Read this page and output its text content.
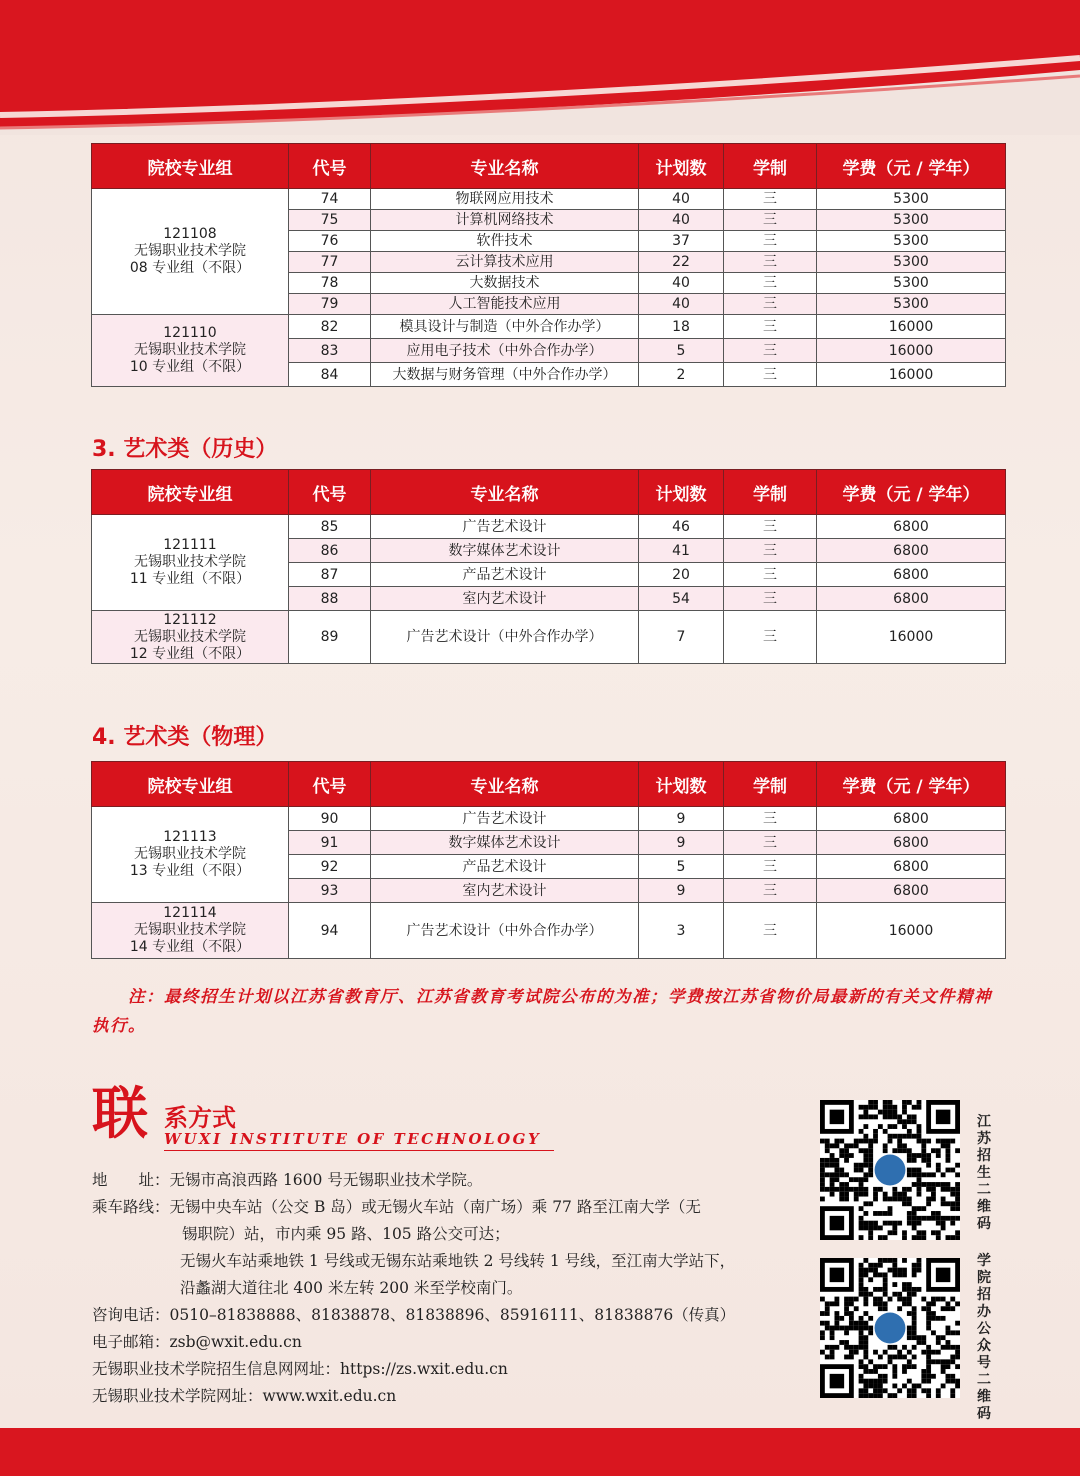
院校专业组	代号	专业名称	计划数	学制	学费（元 / 学年）

121108
无锡职业技术学院
08 专业组（不限）	74	物联网应用技术	40	三	5300
	75	计算机网络技术	40	三	5300
	76	软件技术	37	三	5300
	77	云计算技术应用	22	三	5300
	78	大数据技术	40	三	5300
	79	人工智能技术应用	40	三	5300

121110
无锡职业技术学院
10 专业组（不限）	82	模具设计与制造（中外合作办学）	18	三	16000
	83	应用电子技术（中外合作办学）	5	三	16000
	84	大数据与财务管理（中外合作办学）	2	三	16000
3. 艺术类（历史）
院校专业组	代号	专业名称	计划数	学制	学费（元 / 学年）

121111
无锡职业技术学院
11 专业组（不限）	85	广告艺术设计	46	三	6800
	86	数字媒体艺术设计	41	三	6800
	87	产品艺术设计	20	三	6800
	88	室内艺术设计	54	三	6800

121112
无锡职业技术学院
12 专业组（不限）	89	广告艺术设计（中外合作办学）	7	三	16000
4. 艺术类（物理）
院校专业组	代号	专业名称	计划数	学制	学费（元 / 学年）

121113
无锡职业技术学院
13 专业组（不限）	90	广告艺术设计	9	三	6800
	91	数字媒体艺术设计	9	三	6800
	92	产品艺术设计	5	三	6800
	93	室内艺术设计	9	三	6800

121114
无锡职业技术学院
14 专业组（不限）	94	广告艺术设计（中外合作办学）	3	三	16000
注：最终招生计划以江苏省教育厅、江苏省教育考试院公布的为准；学费按江苏省物价局最新的有关文件精神执行。
联 系方式
WUXI INSTITUTE OF TECHNOLOGY
地　　址：无锡市高浪西路 1600 号无锡职业技术学院。
乘车路线：无锡中央车站（公交 B 岛）或无锡火车站（南广场）乘 77 路至江南大学（无
锡职院）站，市内乘 95 路、105 路公交可达；
无锡火车站乘地铁 1 号线或无锡东站乘地铁 2 号线转 1 号线，至江南大学站下，
沿蠡湖大道往北 400 米左转 200 米至学校南门。
咨询电话：0510–81838888、81838878、81838896、85916111、81838876（传真）
电子邮箱：zsb@wxit.edu.cn
无锡职业技术学院招生信息网网址：https://zs.wxit.edu.cn
无锡职业技术学院网址：www.wxit.edu.cn
江苏招生二维码
学院招办公众号二维码
